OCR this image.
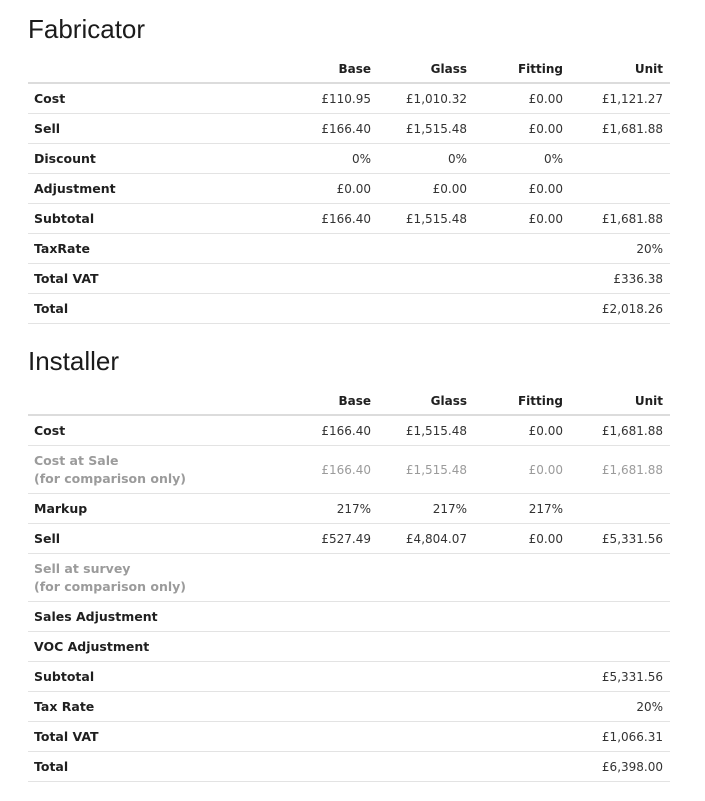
Fabricator
	Base	Glass	Fitting	Unit

Cost	£110.95	£1,010.32	£0.00	£1,121.27

Sell	£166.40	£1,515.48	£0.00	£1,681.88

Discount	0%	0%	0%	

Adjustment	£0.00	£0.00	£0.00	

Subtotal	£166.40	£1,515.48	£0.00	£1,681.88

TaxRate				20%

Total VAT				£336.38

Total				£2,018.26
Installer
	Base	Glass	Fitting	Unit

Cost	£166.40	£1,515.48	£0.00	£1,681.88

Cost at Sale
(for comparison only)	£166.40	£1,515.48	£0.00	£1,681.88

Markup	217%	217%	217%	

Sell	£527.49	£4,804.07	£0.00	£5,331.56

Sell at survey
(for comparison only)				

Sales Adjustment				

VOC Adjustment				

Subtotal				£5,331.56

Tax Rate				20%

Total VAT				£1,066.31

Total				£6,398.00
